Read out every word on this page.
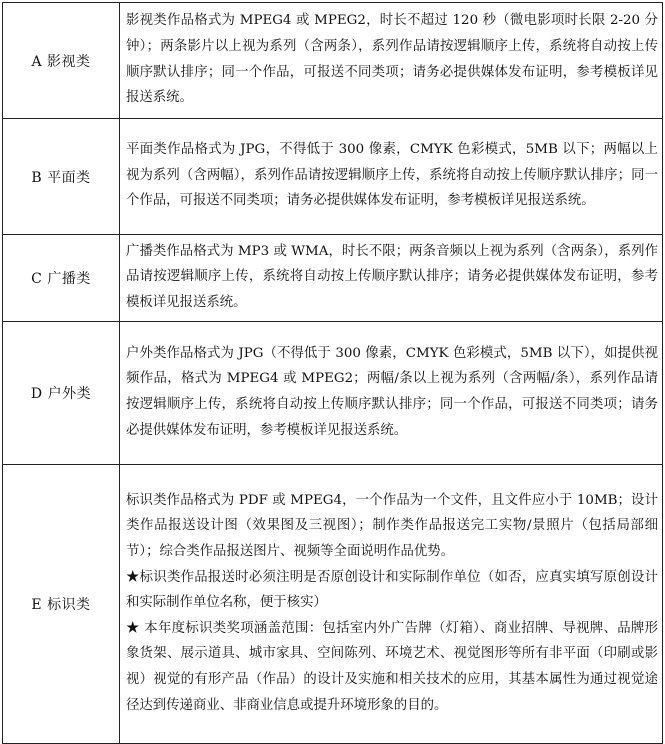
A 影视类	影视类作品格式为 MPEG4 或 MPEG2，时长不超过 120 秒（微电影项时长限 2-20 分钟）；两条影片以上视为系列（含两条），系列作品请按逻辑顺序上传，系统将自动按上传顺序默认排序；同一个作品，可报送不同类项；请务必提供媒体发布证明，参考模板详见报送系统。

B 平面类	平面类作品格式为 JPG，不得低于 300 像素，CMYK 色彩模式，5MB 以下；两幅以上视为系列（含两幅），系列作品请按逻辑顺序上传，系统将自动按上传顺序默认排序；同一个作品，可报送不同类项；请务必提供媒体发布证明，参考模板详见报送系统。

C 广播类	广播类作品格式为 MP3 或 WMA，时长不限；两条音频以上视为系列（含两条），系列作品请按逻辑顺序上传，系统将自动按上传顺序默认排序；请务必提供媒体发布证明，参考模板详见报送系统。

D 户外类	户外类作品格式为 JPG（不得低于 300 像素，CMYK 色彩模式，5MB 以下），如提供视频作品，格式为 MPEG4 或 MPEG2；两幅/条以上视为系列（含两幅/条），系列作品请按逻辑顺序上传，系统将自动按上传顺序默认排序；同一个作品，可报送不同类项；请务必提供媒体发布证明，参考模板详见报送系统。

E 标识类	标识类作品格式为 PDF 或 MPEG4，一个作品为一个文件，且文件应小于 10MB；设计类作品报送设计图（效果图及三视图）；制作类作品报送完工实物/景照片（包括局部细节）；综合类作品报送图片、视频等全面说明作品优势。
★标识类作品报送时必须注明是否原创设计和实际制作单位（如否，应真实填写原创设计和实际制作单位名称，便于核实）
★ 本年度标识类奖项涵盖范围：包括室内外广告牌（灯箱）、商业招牌、导视牌、品牌形象货架、展示道具、城市家具、空间陈列、环境艺术、视觉图形等所有非平面（印刷或影视）视觉的有形产品（作品）的设计及实施和相关技术的应用，其基本属性为通过视觉途径达到传递商业、非商业信息或提升环境形象的目的。
